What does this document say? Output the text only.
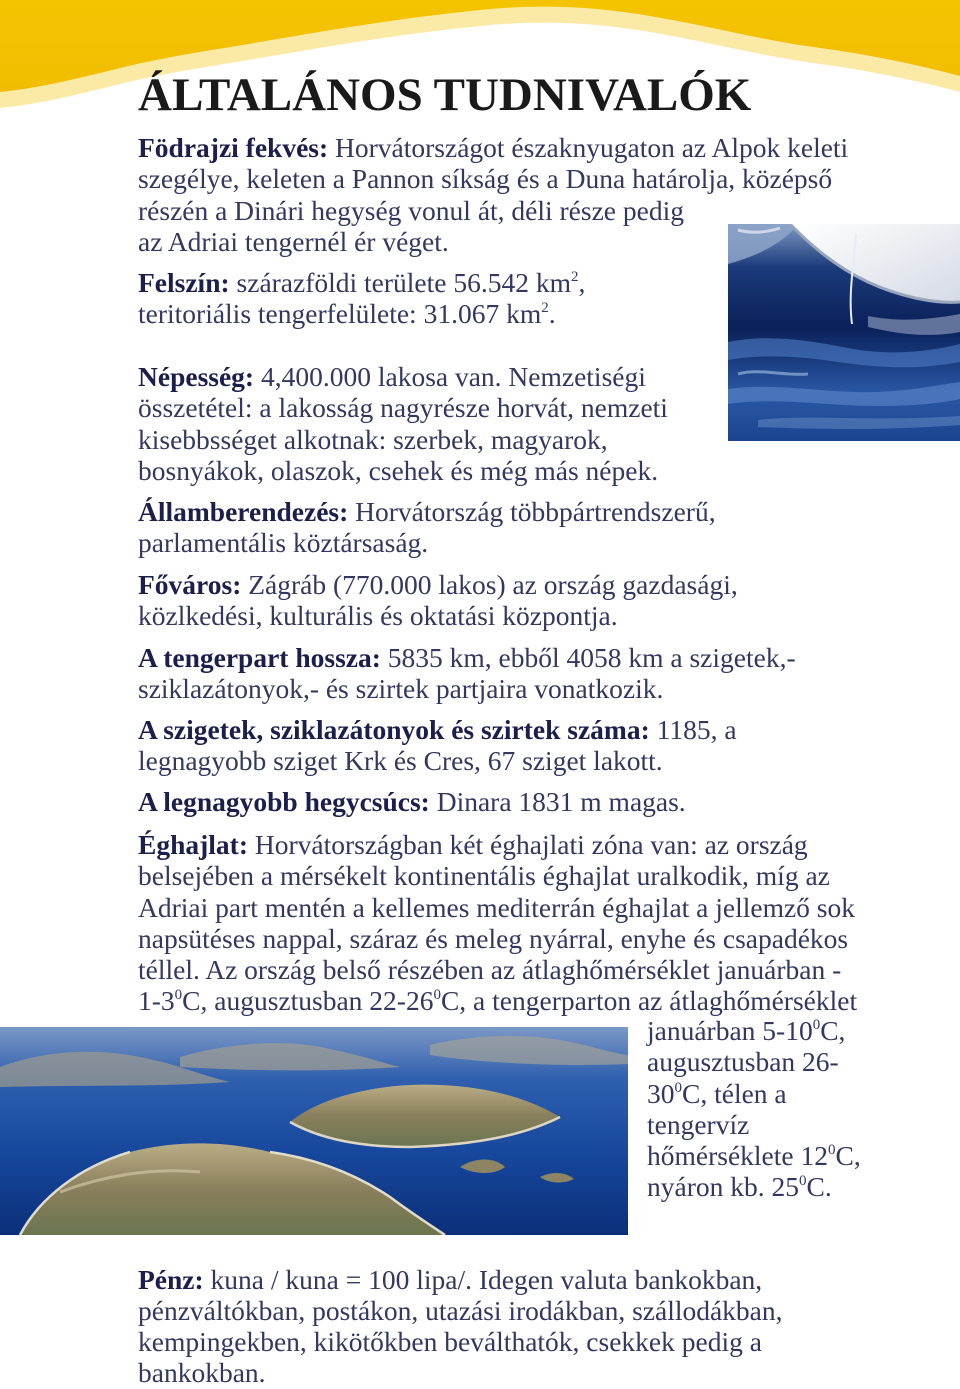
ÁLTALÁNOS TUDNIVALÓK
Födrajzi fekvés: Horvátországot északnyugaton az Alpok keleti
szegélye, keleten a Pannon síkság és a Duna határolja, középső
részén a Dinári hegység vonul át, déli része pedig
az Adriai tengernél ér véget.
Felszín: szárazföldi területe 56.542 $km^2$,
teritoriális tengerfelülete: 31.067 $km^2$.
Népesség: 4,400.000 lakosa van. Nemzetiségi
összetétel: a lakosság nagyrésze horvát, nemzeti
kisebbsséget alkotnak: szerbek, magyarok,
bosnyákok, olaszok, csehek és még más népek.
Államberendezés: Horvátország többpártrendszerű,
parlamentális köztársaság.
Főváros: Zágráb (770.000 lakos) az ország gazdasági,
közlkedési, kulturális és oktatási központja.
A tengerpart hossza: 5835 km, ebből 4058 km a szigetek,-
sziklazátonyok,- és szirtek partjaira vonatkozik.
A szigetek, sziklazátonyok és szirtek száma: 1185, a
legnagyobb sziget Krk és Cres, 67 sziget lakott.
A legnagyobb hegycsúcs: Dinara 1831 m magas.
Éghajlat: Horvátországban két éghajlati zóna van: az ország
belsejében a mérsékelt kontinentális éghajlat uralkodik, míg az
Adriai part mentén a kellemes mediterrán éghajlat a jellemző sok
napsütéses nappal, száraz és meleg nyárral, enyhe és csapadékos
téllel. Az ország belső részében az átlaghőmérséklet januárban -
$1-3^0C$, augusztusban $22-26^0C$, a tengerparton az átlaghőmérséklet
januárban $5-10^0C$,
augusztusban 26-
$30^0C$, télen a
tengervíz
hőmérséklete $12^0C$,
nyáron kb. $25^0C$.
Pénz: kuna / kuna = 100 lipa/. Idegen valuta bankokban,
pénzváltókban, postákon, utazási irodákban, szállodákban,
kempingekben, kikötőkben beválthatók, csekkek pedig a
bankokban.
